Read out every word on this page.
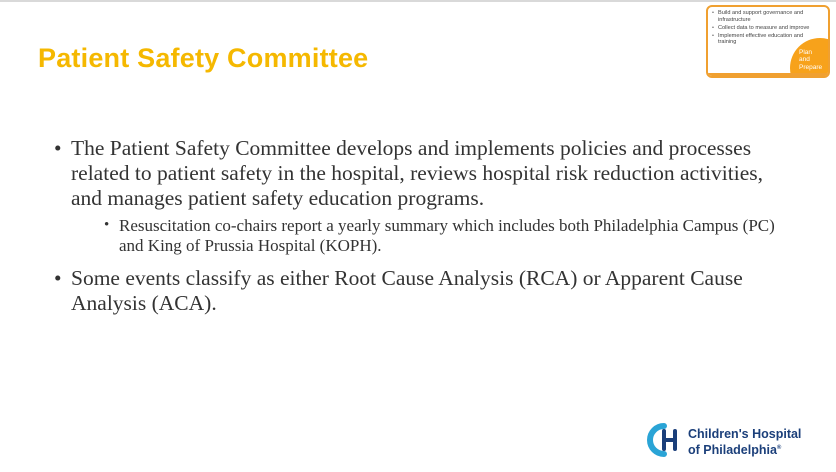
Patient Safety Committee
• Build and support governance and infrastructure
• Collect data to measure and improve
• Implement effective education and training
Plan and Prepare
• The Patient Safety Committee develops and implements policies and processes related to patient safety in the hospital, reviews hospital risk reduction activities, and manages patient safety education programs.
• Resuscitation co-chairs report a yearly summary which includes both Philadelphia Campus (PC) and King of Prussia Hospital (KOPH).
• Some events classify as either Root Cause Analysis (RCA) or Apparent Cause Analysis (ACA).
Children's Hospital
of Philadelphia®
